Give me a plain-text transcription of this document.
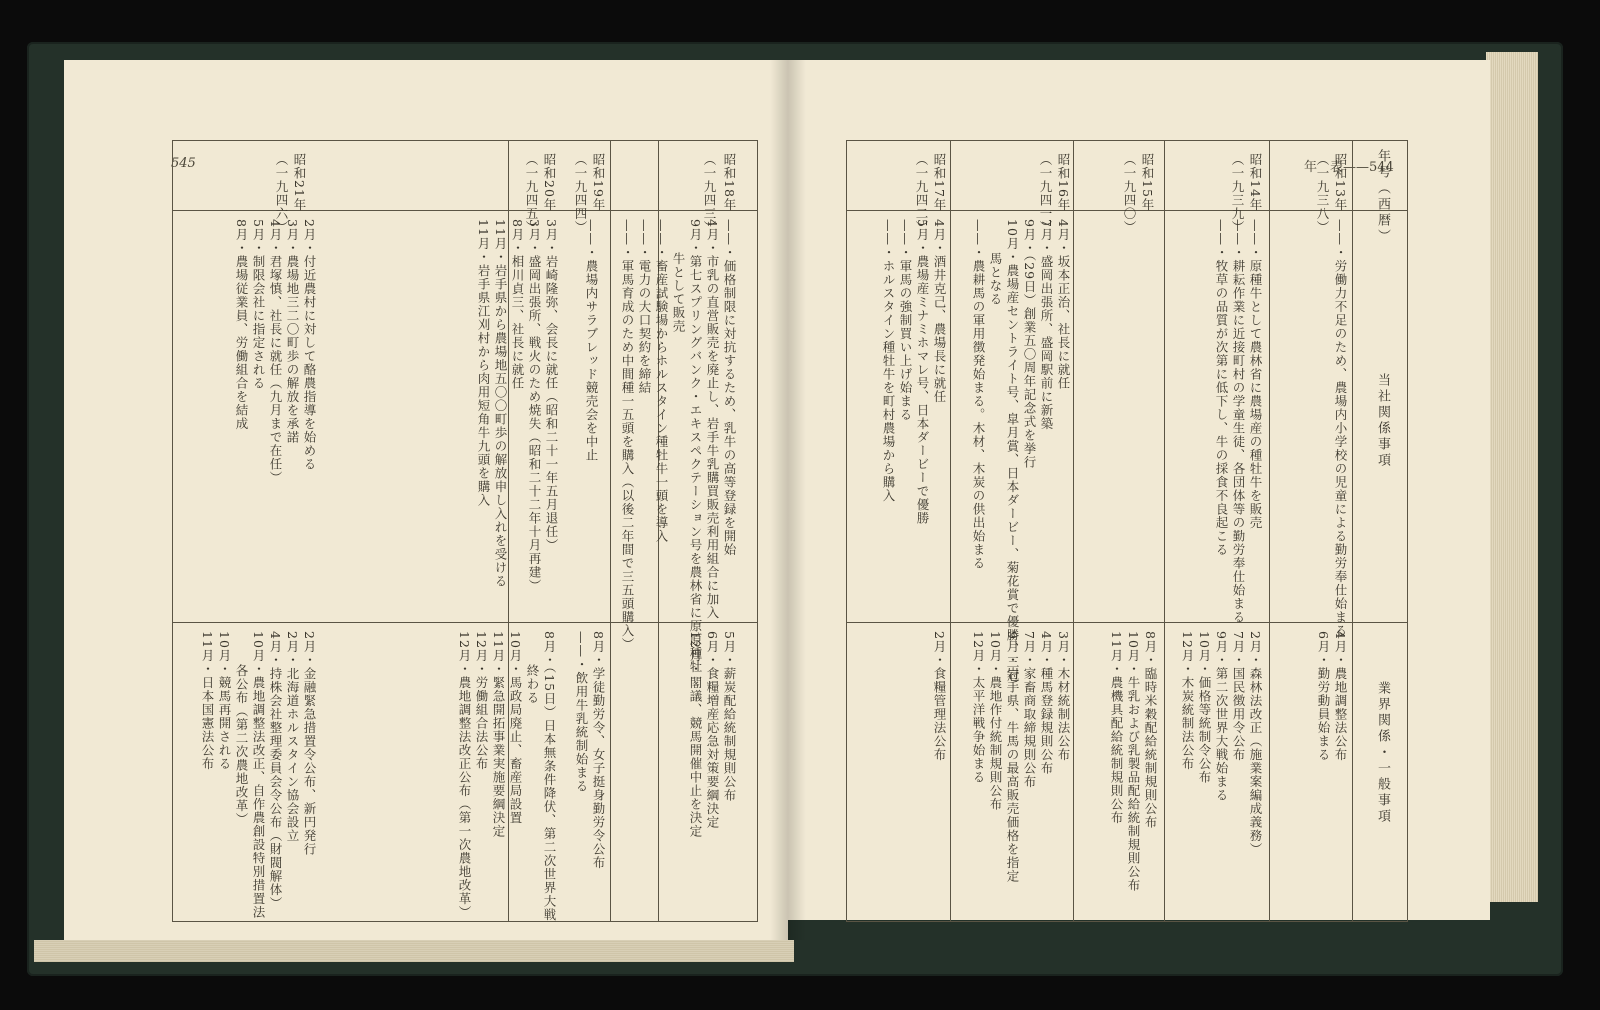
545	昭和18年
（一九四三）
——・価格制限に対抗するため、乳牛の高等登録を開始
4月・市乳の直営販売を廃止し、岩手牛乳購買販売利用組合に加入
9月・第七スプリングバンク・エキスペクテーション号を農林省に原原種牡
牛として販売
——・畜産試験場からホルスタイン種牡牛一頭を導入
——・電力の大口契約を締結
——・軍馬育成のため中間種一五頭を購入（以後二年間で三五頭購入）
5月・薪炭配給統制規則公布
6月・食糧増産応急対策要綱決定
12月・閣議、競馬開催中止を決定
昭和19年
（一九四四）
——・農場内サラブレッド競売会を中止
8月・学徒勤労令、女子挺身勤労令公布
——・飲用牛乳統制始まる
昭和20年
（一九四五）
3月・岩崎隆弥、会長に就任（昭和二十一年五月退任）
3月・盛岡出張所、戦火のため焼失（昭和二十二年十月再建）
8月・相川貞三、社長に就任
11月・岩手県から農場地五〇〇町歩の解放申し入れを受ける
11月・岩手県江刈村から肉用短角牛九頭を購入
8月・（15日）日本無条件降伏、第二次世界大戦
終わる
10月・馬政局廃止、畜産局設置
11月・緊急開拓事業実施要綱決定
12月・労働組合法公布
12月・農地調整法改正公布（第一次農地改革）
昭和21年
（一九四六）
2月・付近農村に対して酪農指導を始める
3月・農場地三二〇町歩の解放を承諾
4月・君塚慎、社長に就任（九月まで在任）
5月・制限会社に指定される
8月・農場従業員、労働組合を結成
2月・金融緊急措置令公布、新円発行
2月・北海道ホルスタイン協会設立
4月・持株会社整理委員会令公布（財閥解体）
10月・農地調整法改正、自作農創設特別措置法
各公布（第二次農地改革）
10月・競馬再開される
11月・日本国憲法公布
年　表——544
年号（西暦）
当社関係事項
業界関係・一般事項
昭和13年
（一九三八）
——・労働力不足のため、農場内小学校の児童による勤労奉仕始まる
4月・農地調整法公布
6月・勤労動員始まる
昭和14年
（一九三九）
——・原種牛として農林省に農場産の種牡牛を販売
——・耕耘作業に近接町村の学童生徒、各団体等の勤労奉仕始まる
——・牧草の品質が次第に低下し、牛の採食不良起こる
2月・森林法改正（施業案編成義務）
7月・国民徴用令公布
9月・第二次世界大戦始まる
10月・価格等統制令公布
12月・木炭統制法公布
昭和15年
（一九四〇）
8月・臨時米穀配給統制規則公布
10月・牛乳および乳製品配給統制規則公布
11月・農機具配給統制規則公布
昭和16年
（一九四一）
4月・坂本正治、社長に就任
7月・盛岡出張所、盛岡駅前に新築
9月・（29日）創業五〇周年記念式を挙行
10月・農場産セントライト号、皐月賞、日本ダービー、菊花賞で優勝、三冠
馬となる
——・農耕馬の軍用徴発始まる。木材、木炭の供出始まる
3月・木材統制法公布
4月・種馬登録規則公布
7月・家畜商取締規則公布
9月・岩手県、牛馬の最高販売価格を指定
10月・農地作付統制規則公布
12月・太平洋戦争始まる
昭和17年
（一九四二）
4月・酒井克己、農場長に就任
5月・農場産ミナミホマレ号、日本ダービーで優勝
——・軍馬の強制買い上げ始まる
——・ホルスタイン種牡牛を町村農場から購入
2月・食糧管理法公布
